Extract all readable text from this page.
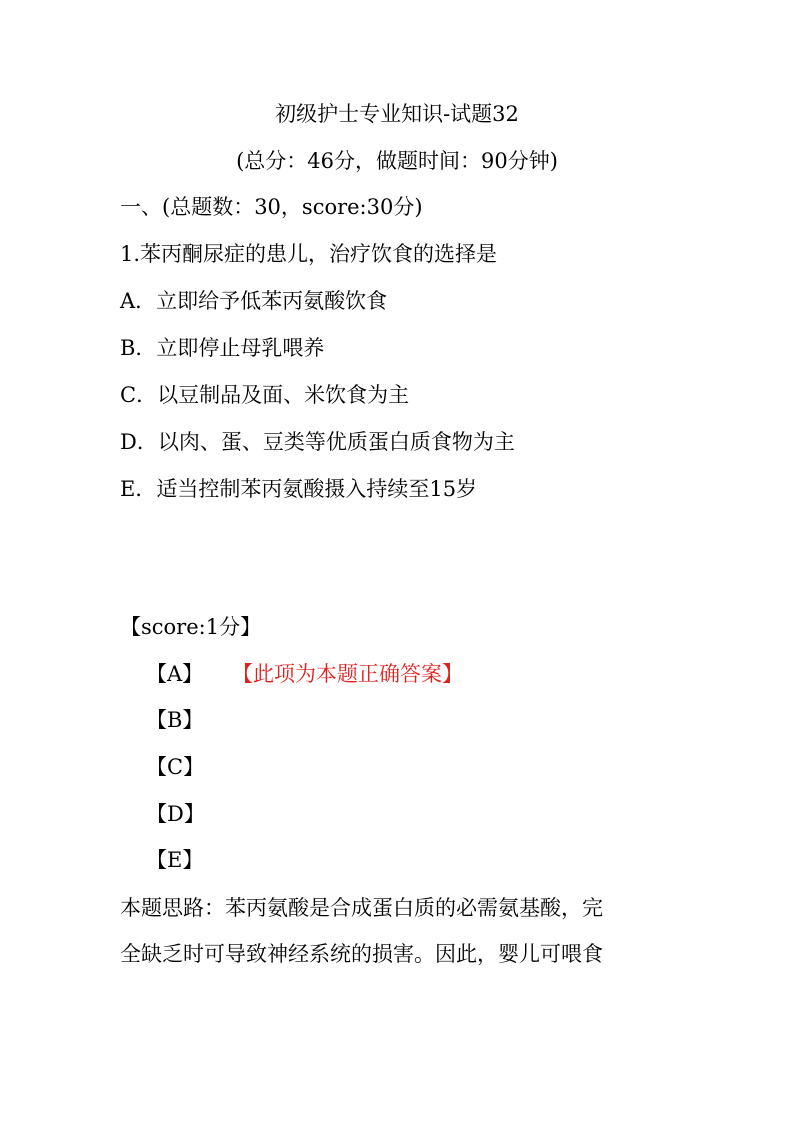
初级护士专业知识-试题32
(总分：46分，做题时间：90分钟)
一、(总题数：30，score:30分)
1.苯丙酮尿症的患儿，治疗饮食的选择是
A．立即给予低苯丙氨酸饮食
B．立即停止母乳喂养
C．以豆制品及面、米饮食为主
D．以肉、蛋、豆类等优质蛋白质食物为主
E．适当控制苯丙氨酸摄入持续至15岁
【score:1分】
【A】 【此项为本题正确答案】
【B】
【C】
【D】
【E】
本题思路：苯丙氨酸是合成蛋白质的必需氨基酸，完
全缺乏时可导致神经系统的损害。因此，婴儿可喂食
